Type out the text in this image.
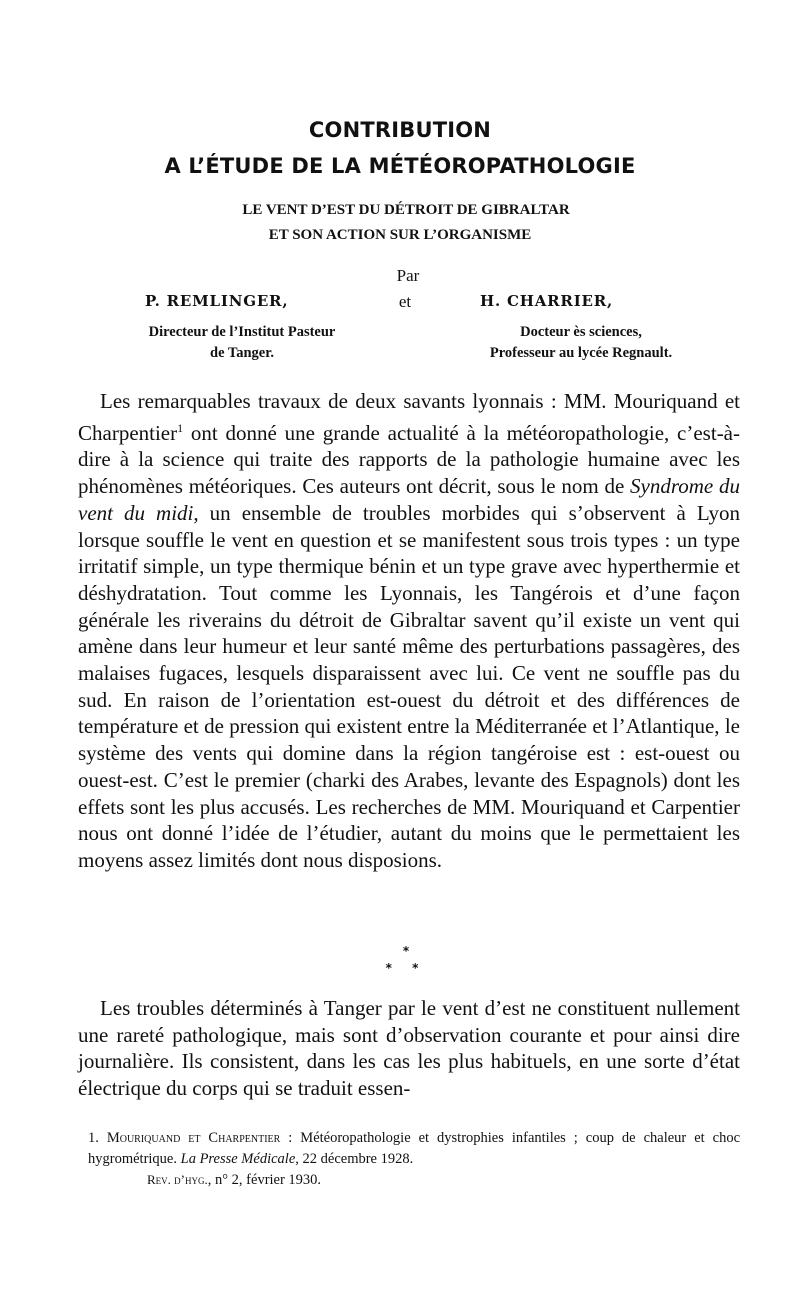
CONTRIBUTION
A L’ÉTUDE DE LA MÉTÉOROPATHOLOGIE
LE VENT D’EST DU DÉTROIT DE GIBRALTAR
ET SON ACTION SUR L’ORGANISME
Par
et
P. REMLINGER,	H. CHARRIER,
Directeur de l’Institut Pasteur
de Tanger.
Docteur ès sciences,
Professeur au lycée Regnault.

Les remarquables travaux de deux savants lyonnais : MM. Mouriquand et Charpentier$^1$ ont donné une grande actualité à la météoropathologie, c’est-à-dire à la science qui traite des rapports de la pathologie humaine avec les phénomènes météoriques. Ces auteurs ont décrit, sous le nom de Syndrome du vent du midi, un ensemble de troubles morbides qui s’observent à Lyon lorsque souffle le vent en question et se manifestent sous trois types : un type irritatif simple, un type thermique bénin et un type grave avec hyperthermie et déshydratation. Tout comme les Lyonnais, les Tangérois et d’une façon générale les riverains du détroit de Gibraltar savent qu’il existe un vent qui amène dans leur humeur et leur santé même des perturbations passagères, des malaises fugaces, lesquels disparaissent avec lui. Ce vent ne souffle pas du sud. En raison de l’orientation est-ouest du détroit et des différences de température et de pression qui existent entre la Méditerranée et l’Atlantique, le système des vents qui domine dans la région tangéroise est : est-ouest ou ouest-est. C’est le premier (charki des Arabes, levante des Espagnols) dont les effets sont les plus accusés. Les recherches de MM. Mouriquand et Carpentier nous ont donné l’idée de l’étudier, autant du moins que le permettaient les moyens assez limités dont nous disposions.

*
* *

Les troubles déterminés à Tanger par le vent d’est ne constituent nullement une rareté pathologique, mais sont d’observation courante et pour ainsi dire journalière. Ils consistent, dans les cas les plus habituels, en une sorte d’état électrique du corps qui se traduit essen-

1. Mouriquand et Charpentier : Météoropathologie et dystrophies infantiles ; coup de chaleur et choc hygrométrique. La Presse Médicale, 22 décembre 1928.
Rev. d’hyg., n° 2, février 1930.
